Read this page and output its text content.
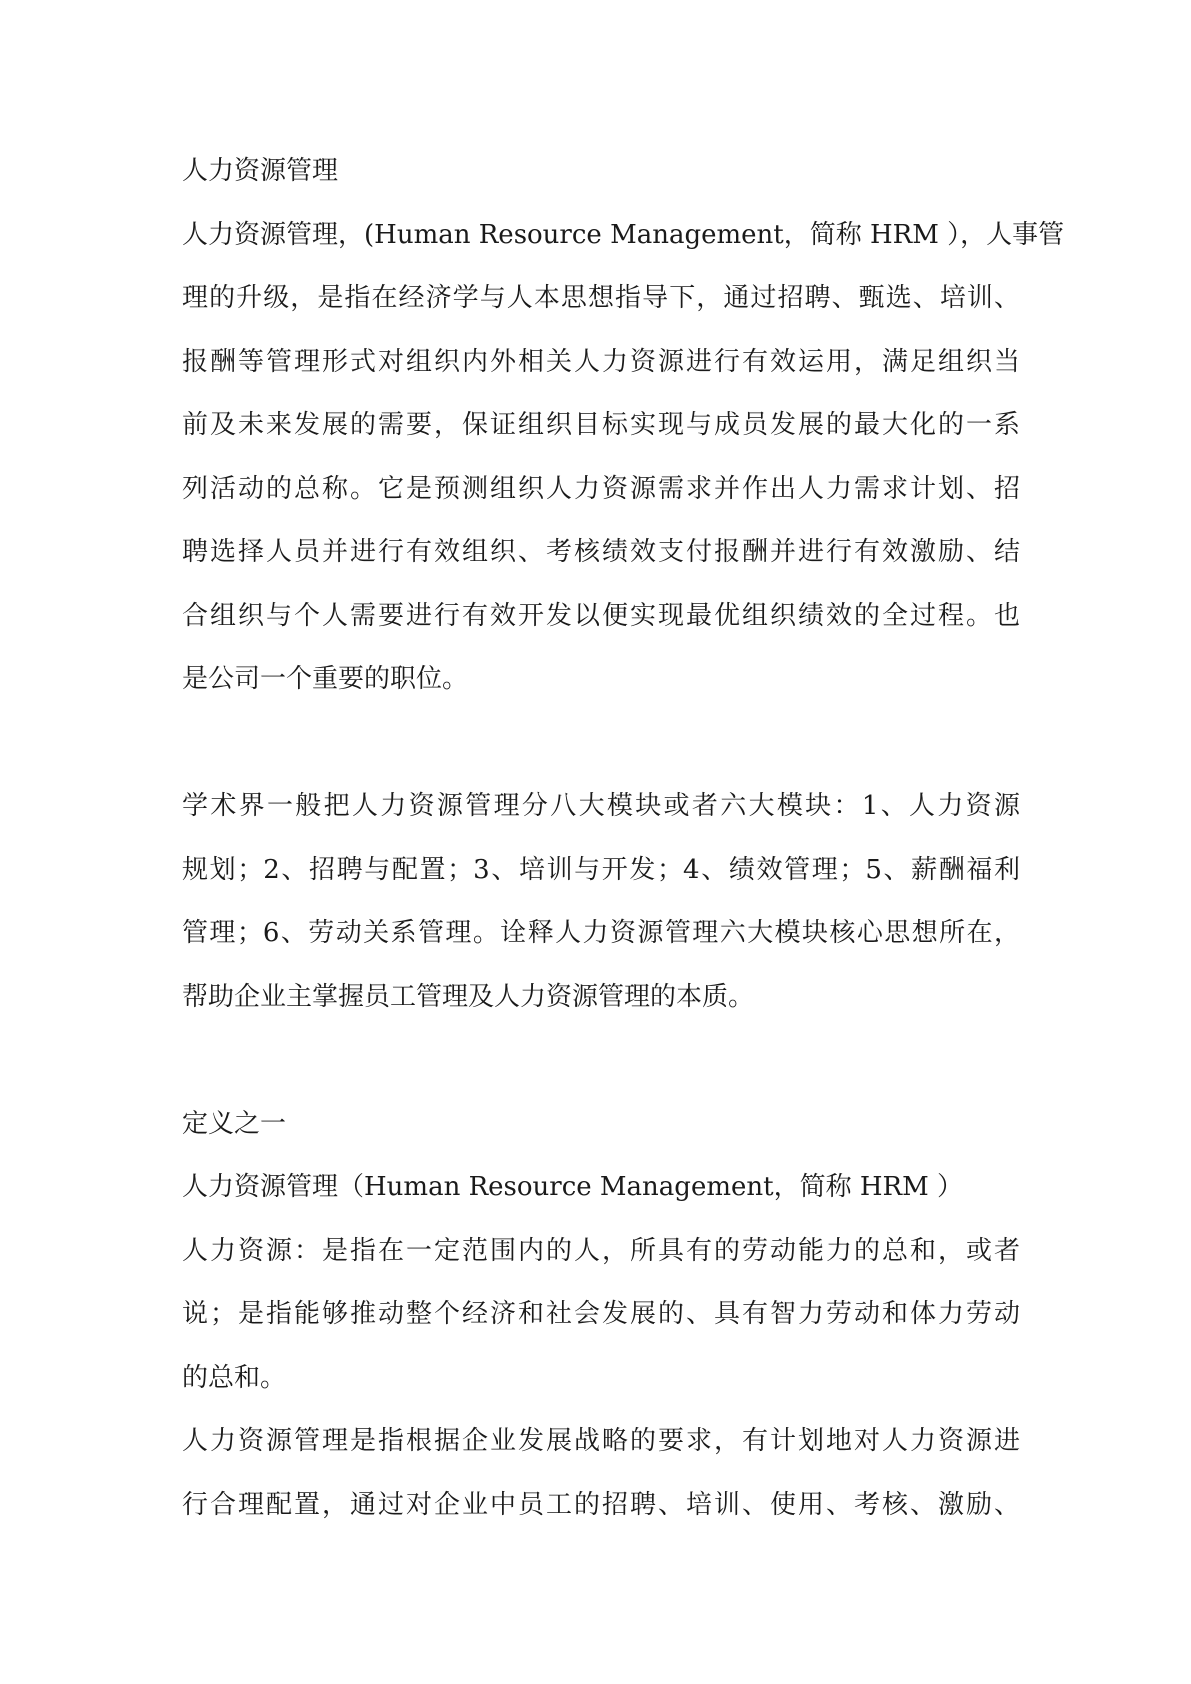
人力资源管理
人力资源管理，(Human Resource Management，简称 HRM ），人事管
理的升级，是指在经济学与人本思想指导下，通过招聘、甄选、培训、
报酬等管理形式对组织内外相关人力资源进行有效运用，满足组织当
前及未来发展的需要，保证组织目标实现与成员发展的最大化的一系
列活动的总称。它是预测组织人力资源需求并作出人力需求计划、招
聘选择人员并进行有效组织、考核绩效支付报酬并进行有效激励、结
合组织与个人需要进行有效开发以便实现最优组织绩效的全过程。也
是公司一个重要的职位。
学术界一般把人力资源管理分八大模块或者六大模块：1、人力资源
规划；2、招聘与配置；3、培训与开发；4、绩效管理；5、薪酬福利
管理；6、劳动关系管理。诠释人力资源管理六大模块核心思想所在，
帮助企业主掌握员工管理及人力资源管理的本质。
定义之一
人力资源管理（Human Resource Management，简称 HRM ）
人力资源：是指在一定范围内的人，所具有的劳动能力的总和，或者
说；是指能够推动整个经济和社会发展的、具有智力劳动和体力劳动
的总和。
人力资源管理是指根据企业发展战略的要求，有计划地对人力资源进
行合理配置，通过对企业中员工的招聘、培训、使用、考核、激励、
